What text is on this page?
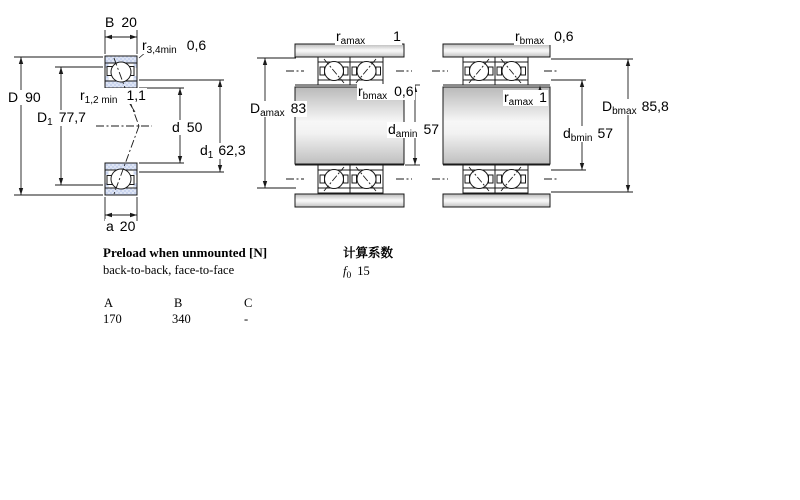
B 20
$r_{3,4min}$ 0,6
D 90
$D_1$ 77,7
$r_{1,2 min}$ 1,1
d 50
$d_1$ 62,3
a 20
$r_{amax}$ 1
$r_{bmax}$ 0,6
$D_{amax}$ 83
$d_{amin}$ 57
$r_{bmax}$ 0,6
$r_{amax}$ 1
$D_{bmax}$ 85,8
$d_{bmin}$ 57
Preload when unmounted [N]
back-to-back, face-to-face
计算系数
$f_0$ 15
A	B	C
170	340	-
